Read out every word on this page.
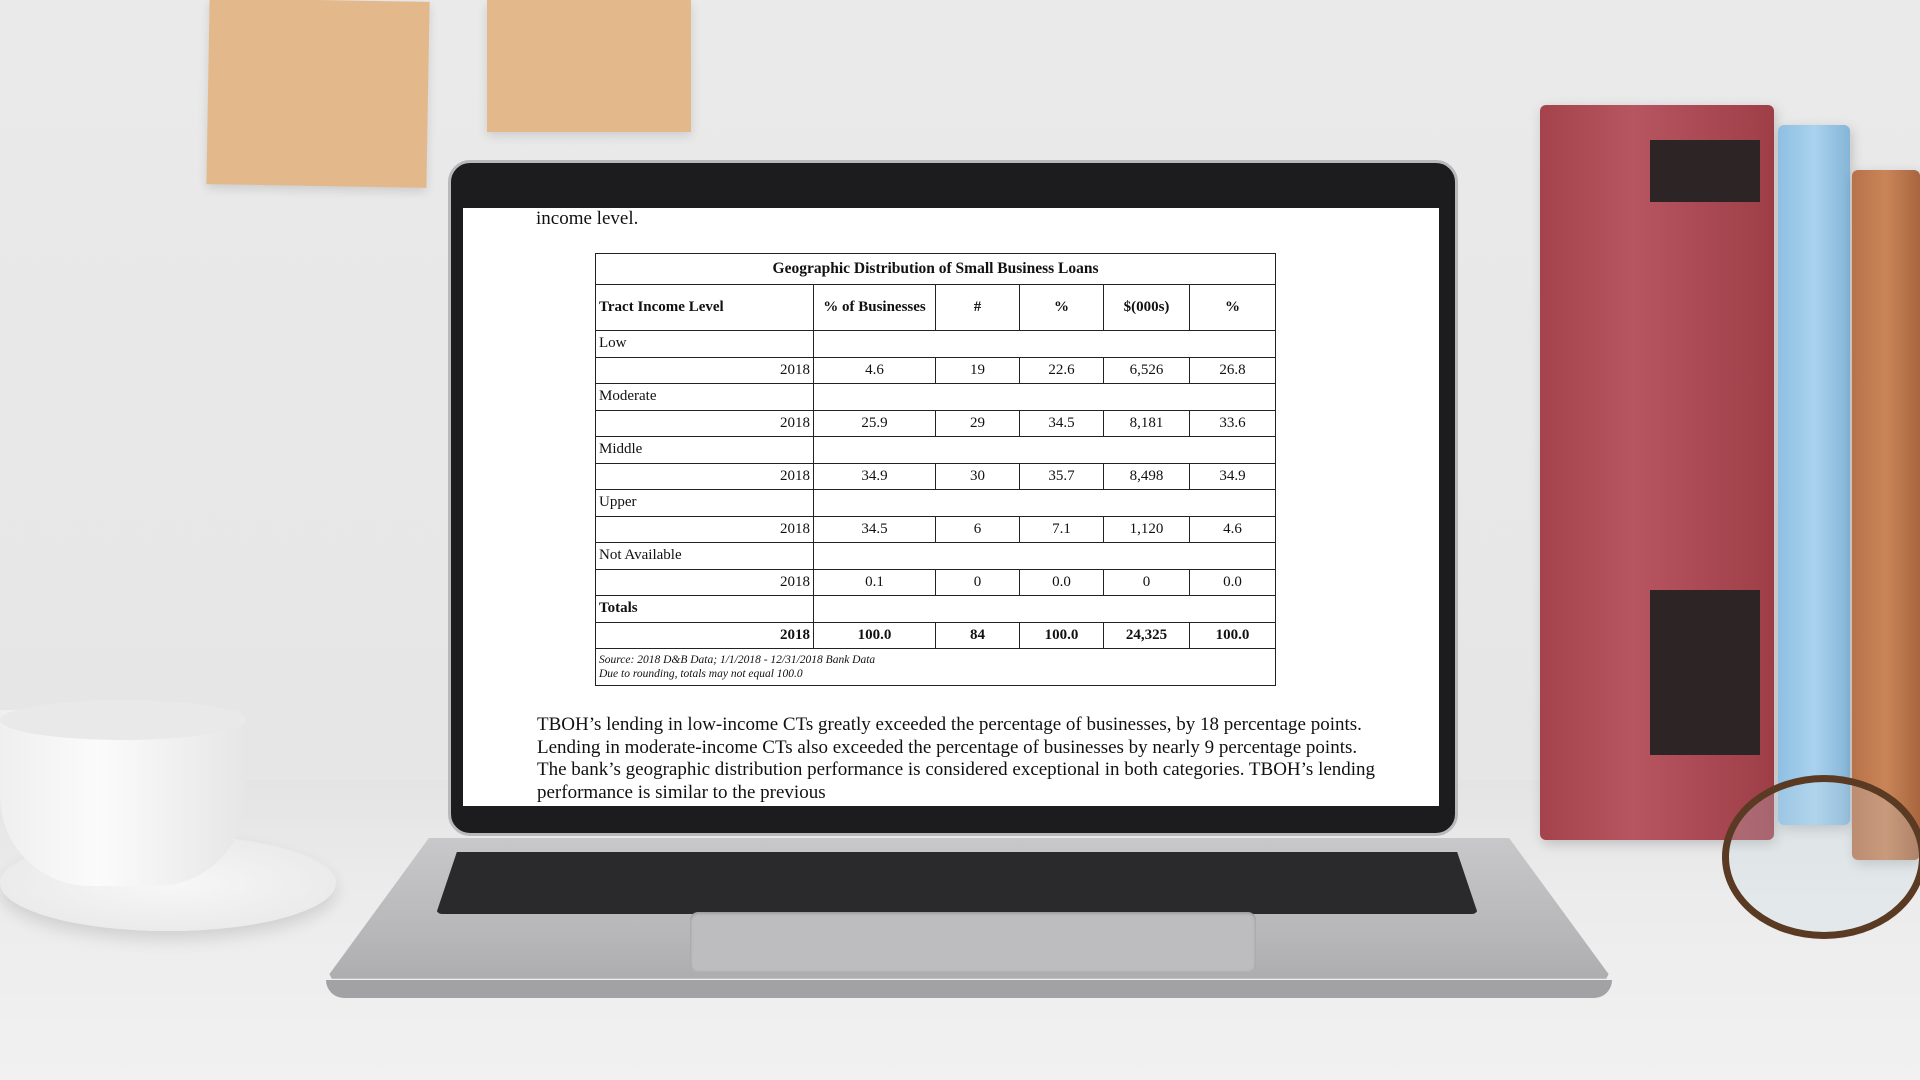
income level.
Geographic Distribution of Small Business Loans					
Tract Income Level	% of Businesses	#	%	$(000s)	%
Low					
2018	4.6	19	22.6	6,526	26.8
Moderate					
2018	25.9	29	34.5	8,181	33.6
Middle					
2018	34.9	30	35.7	8,498	34.9
Upper					
2018	34.5	6	7.1	1,120	4.6
Not Available					
2018	0.1	0	0.0	0	0.0
Totals					
2018	100.0	84	100.0	24,325	100.0

Source: 2018 D&B Data; 1/1/2018 - 12/31/2018 Bank Data
Due to rounding, totals may not equal 100.0					
TBOH’s lending in low-income CTs greatly exceeded the percentage of businesses, by 18 percentage points. Lending in moderate-income CTs also exceeded the percentage of businesses by nearly 9 percentage points. The bank’s geographic distribution performance is considered exceptional in both categories. TBOH’s lending performance is similar to the previous
